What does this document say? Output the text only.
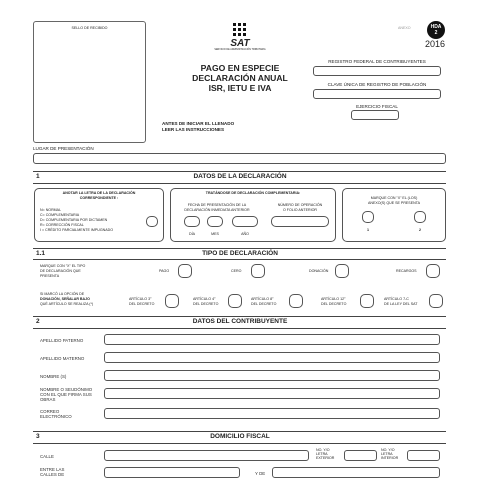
SELLO DE RECIBIDO
SAT
SERVICIO DE ADMINISTRACIÓN TRIBUTARIA
PAGO EN ESPECIE
DECLARACIÓN ANUAL
ISR, IETU E IVA
ANTES DE INICIAR EL LLENADO
LEER LAS INSTRUCCIONES
ANEXO	HDA
2
2016
REGISTRO FEDERAL DE CONTRIBUYENTES
CLAVE ÚNICA DE REGISTRO DE POBLACIÓN
EJERCICIO FISCAL
LUGAR DE PRESENTACIÓN
1	DATOS DE LA DECLARACIÓN
ANOTAR LA LETRA DE LA DECLARACIÓN
CORRESPONDIENTE :
N= NORMAL
C= COMPLEMENTARIA
D= COMPLEMENTARIA POR DICTAMEN
R= CORRECCIÓN FISCAL
I = CRÉDITO PARCIALMENTE IMPUGNADO
TRATÁNDOSE DE DECLARACIÓN COMPLEMENTARIA:
FECHA DE PRESENTACIÓN DE LA
DECLARACIÓN INMEDIATA ANTERIOR
DÍA	MES	AÑO
NÚMERO DE OPERACIÓN
O FOLIO ANTERIOR
MARQUE CON "X" EL (LOS)
ANEXO(S) QUE SE PRESENTA
1	2
1.1	TIPO DE DECLARACIÓN
MARQUE CON "X" EL TIPO
DE DECLARACIÓN QUE
PRESENTA
PAGO	CERO	DONACIÓN	RECARGOS
SI MARCÓ LA OPCIÓN DE
DONACIÓN, SEÑALAR BAJO
QUÉ ARTÍCULO SE REALIZA (*)
ARTÍCULO 3°
DEL DECRETO
ARTÍCULO 4°
DEL DECRETO
ARTÍCULO 8°
DEL DECRETO
ARTÍCULO 12°
DEL DECRETO
ARTÍCULO 7-C
DE LA LEY DEL SAT
2	DATOS DEL CONTRIBUYENTE
APELLIDO PATERNO
APELLIDO MATERNO
NOMBRE (S)
NOMBRE O SEUDÓNIMO
CON EL QUE FIRMA SUS
OBRAS
CORREO
ELECTRÓNICO
3	DOMICILIO FISCAL
CALLE
NO. Y/O
LETRA
EXTERIOR
NO. Y/O
LETRA
INTERIOR
ENTRE LAS
CALLES DE	Y DE
